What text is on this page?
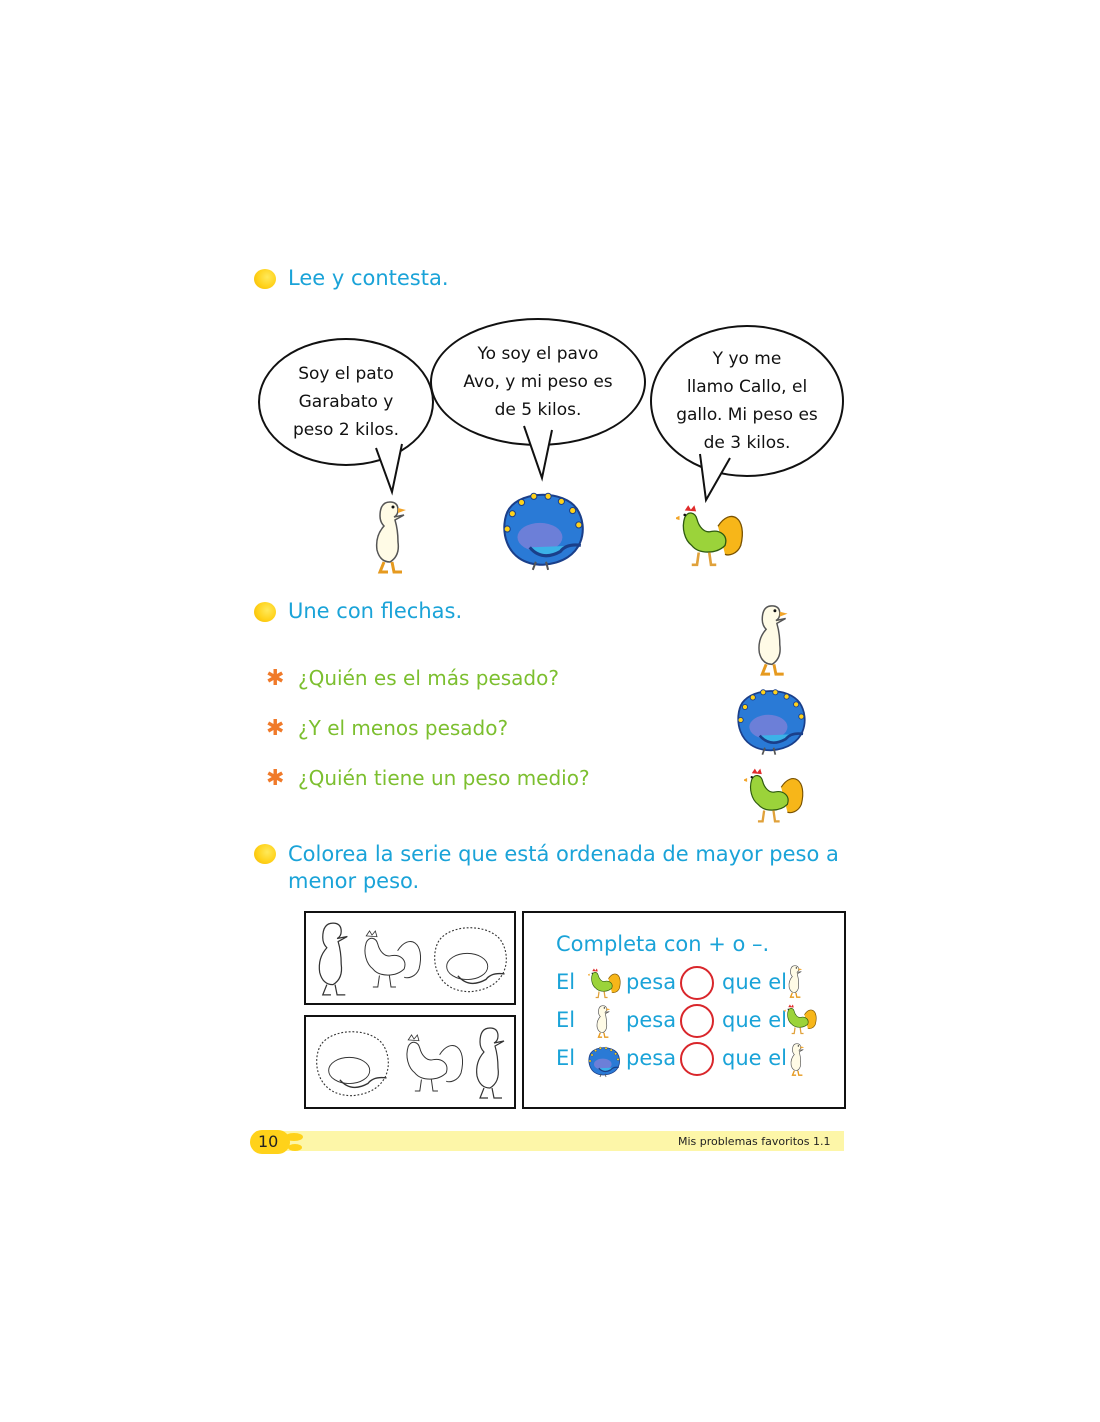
Lee y contesta.
Soy el pato
Garabato y
peso 2 kilos.
Yo soy el pavo
Avo, y mi peso es
de 5 kilos.
Y yo me
llamo Callo, el
gallo. Mi peso es
de 3 kilos.
Une con flechas.
✱ ¿Quién es el más pesado?
✱ ¿Y el menos pesado?
✱ ¿Quién tiene un peso medio?
Colorea la serie que está ordenada de mayor peso a
menor peso.
Completa con + o –.
El pesa que el
El pesa que el
El pesa que el
10	Mis problemas favoritos 1.1
